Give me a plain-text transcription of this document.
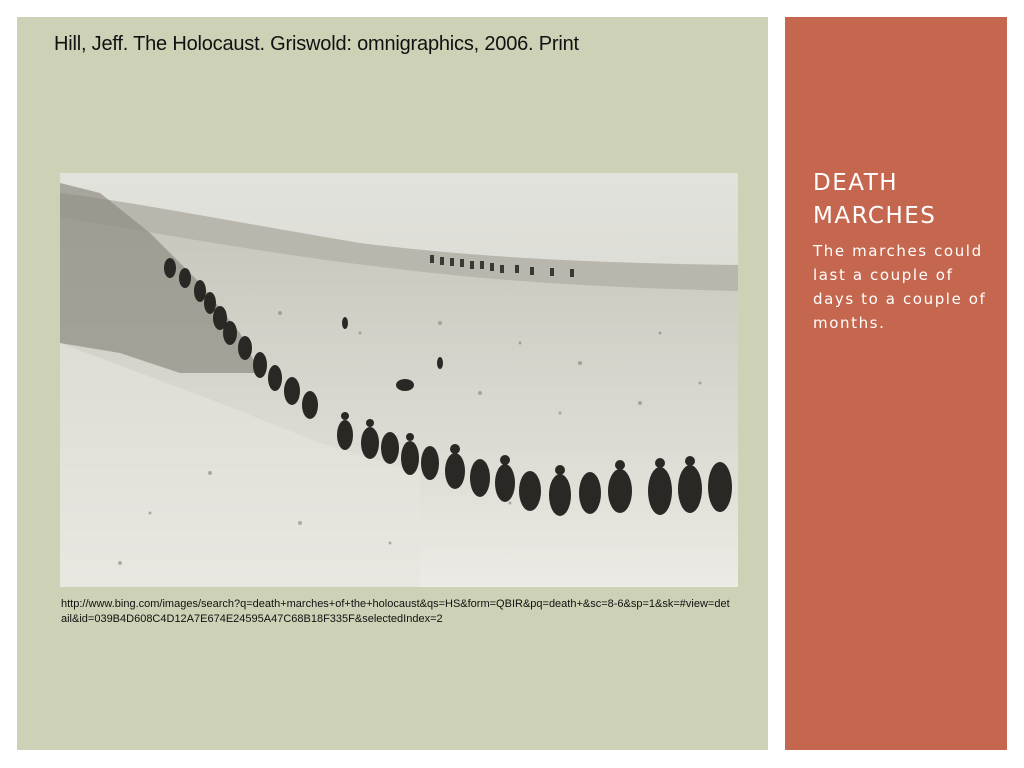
Hill, Jeff. The Holocaust. Griswold: omnigraphics, 2006. Print
http://www.bing.com/images/search?q=death+marches+of+the+holocaust&qs=HS&form=QBIR&pq=death+&sc=8-6&sp=1&sk=#view=detail&id=039B4D608C4D12A7E674E24595A47C68B18F335F&selectedIndex=2
DEATH MARCHES
The marches could last a couple of days to a couple of months.
